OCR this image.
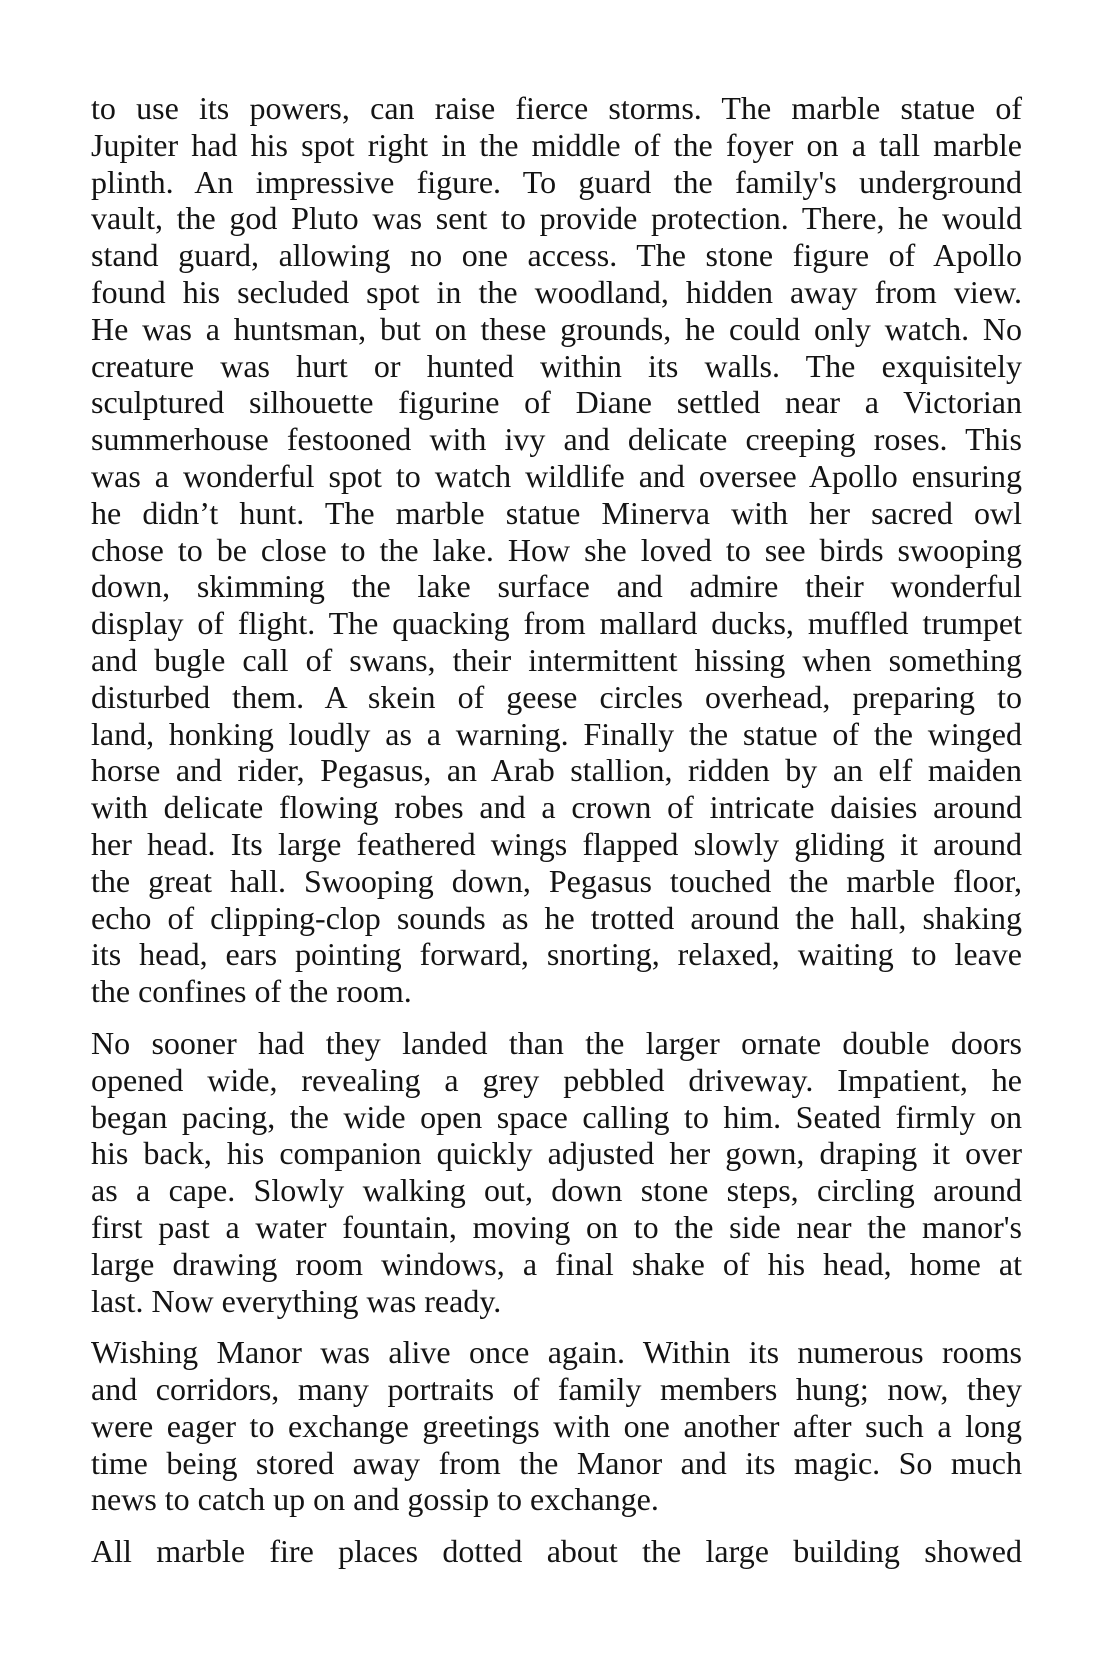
to use its powers, can raise fierce storms. The marble statue of
Jupiter had his spot right in the middle of the foyer on a tall marble
plinth. An impressive figure. To guard the family's underground
vault, the god Pluto was sent to provide protection. There, he would
stand guard, allowing no one access. The stone figure of Apollo
found his secluded spot in the woodland, hidden away from view.
He was a huntsman, but on these grounds, he could only watch. No
creature was hurt or hunted within its walls. The exquisitely
sculptured silhouette figurine of Diane settled near a Victorian
summerhouse festooned with ivy and delicate creeping roses. This
was a wonderful spot to watch wildlife and oversee Apollo ensuring
he didn’t hunt. The marble statue Minerva with her sacred owl
chose to be close to the lake. How she loved to see birds swooping
down, skimming the lake surface and admire their wonderful
display of flight. The quacking from mallard ducks, muffled trumpet
and bugle call of swans, their intermittent hissing when something
disturbed them. A skein of geese circles overhead, preparing to
land, honking loudly as a warning. Finally the statue of the winged
horse and rider, Pegasus, an Arab stallion, ridden by an elf maiden
with delicate flowing robes and a crown of intricate daisies around
her head. Its large feathered wings flapped slowly gliding it around
the great hall. Swooping down, Pegasus touched the marble floor,
echo of clipping-clop sounds as he trotted around the hall, shaking
its head, ears pointing forward, snorting, relaxed, waiting to leave
the confines of the room.
No sooner had they landed than the larger ornate double doors
opened wide, revealing a grey pebbled driveway. Impatient, he
began pacing, the wide open space calling to him. Seated firmly on
his back, his companion quickly adjusted her gown, draping it over
as a cape. Slowly walking out, down stone steps, circling around
first past a water fountain, moving on to the side near the manor's
large drawing room windows, a final shake of his head, home at
last. Now everything was ready.
Wishing Manor was alive once again. Within its numerous rooms
and corridors, many portraits of family members hung; now, they
were eager to exchange greetings with one another after such a long
time being stored away from the Manor and its magic. So much
news to catch up on and gossip to exchange.
All marble fire places dotted about the large building showed
